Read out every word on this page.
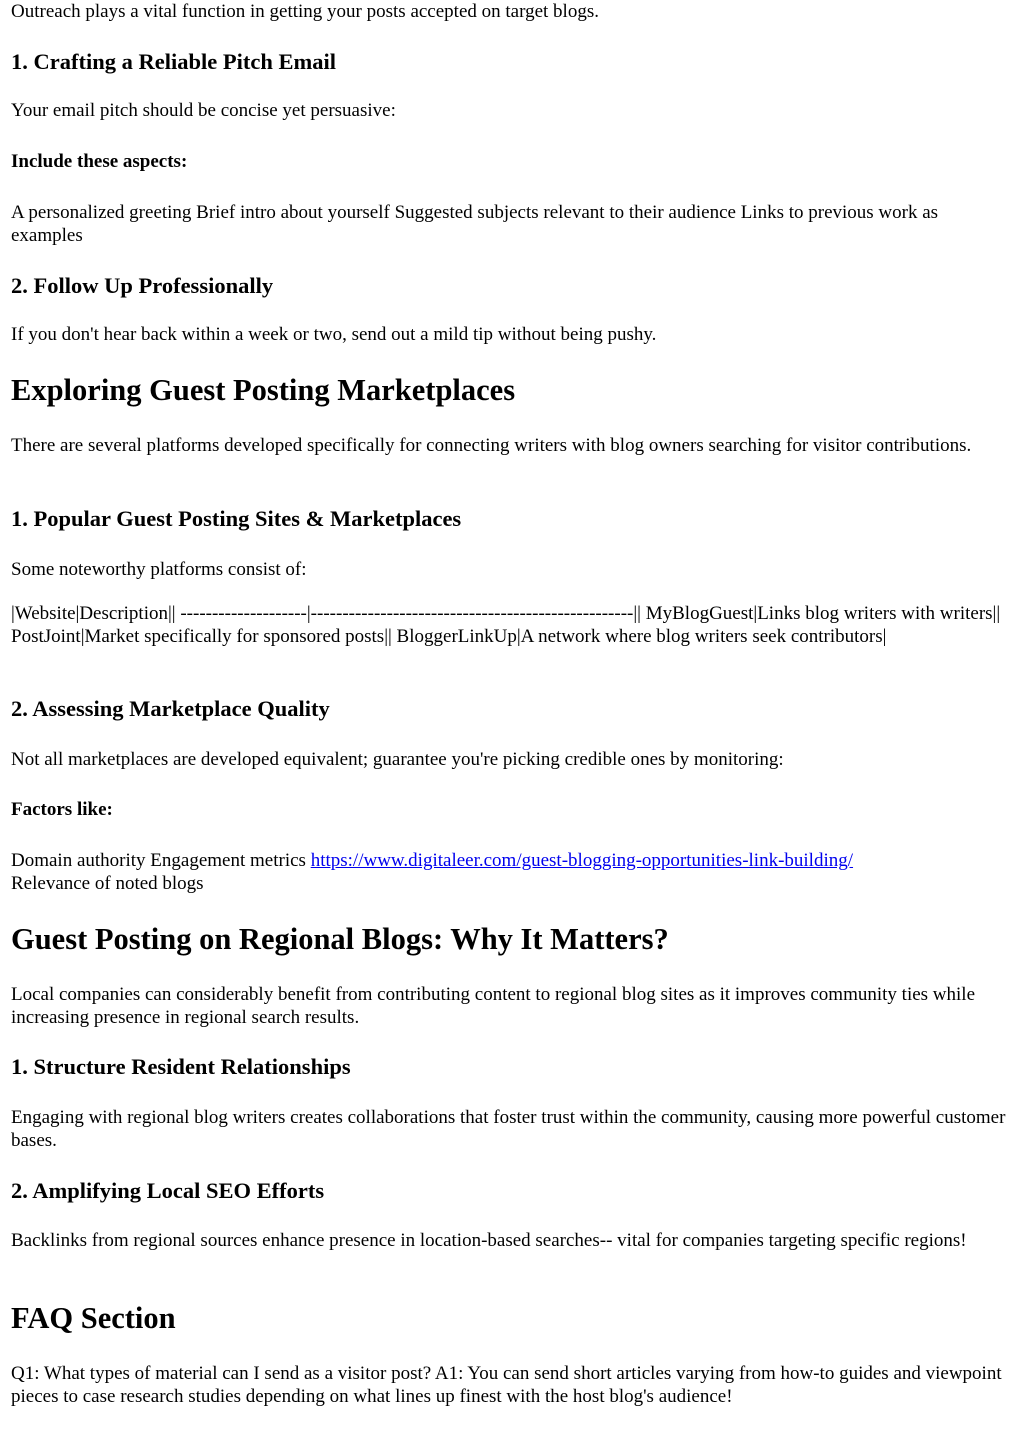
Outreach plays a vital function in getting your posts accepted on target blogs.

1. Crafting a Reliable Pitch Email

Your email pitch should be concise yet persuasive:

Include these aspects:

A personalized greeting Brief intro about yourself Suggested subjects relevant to their audience Links to previous work as examples

2. Follow Up Professionally

If you don't hear back within a week or two, send out a mild tip without being pushy.

Exploring Guest Posting Marketplaces

There are several platforms developed specifically for connecting writers with blog owners searching for visitor contributions.

1. Popular Guest Posting Sites & Marketplaces

Some noteworthy platforms consist of:

|Website|Description|| --------------------|---------------------------------------------------|| MyBlogGuest|Links blog writers with writers|| PostJoint|Market specifically for sponsored posts|| BloggerLinkUp|A network where blog writers seek contributors|

2. Assessing Marketplace Quality

Not all marketplaces are developed equivalent; guarantee you're picking credible ones by monitoring:

Factors like:

Domain authority Engagement metrics https://www.digitaleer.com/guest-blogging-opportunities-link-building/
Relevance of noted blogs

Guest Posting on Regional Blogs: Why It Matters?

Local companies can considerably benefit from contributing content to regional blog sites as it improves community ties while increasing presence in regional search results.

1. Structure Resident Relationships

Engaging with regional blog writers creates collaborations that foster trust within the community, causing more powerful customer bases.

2. Amplifying Local SEO Efforts

Backlinks from regional sources enhance presence in location-based searches-- vital for companies targeting specific regions!

FAQ Section

Q1: What types of material can I send as a visitor post? A1: You can send short articles varying from how-to guides and viewpoint pieces to case research studies depending on what lines up finest with the host blog's audience!
